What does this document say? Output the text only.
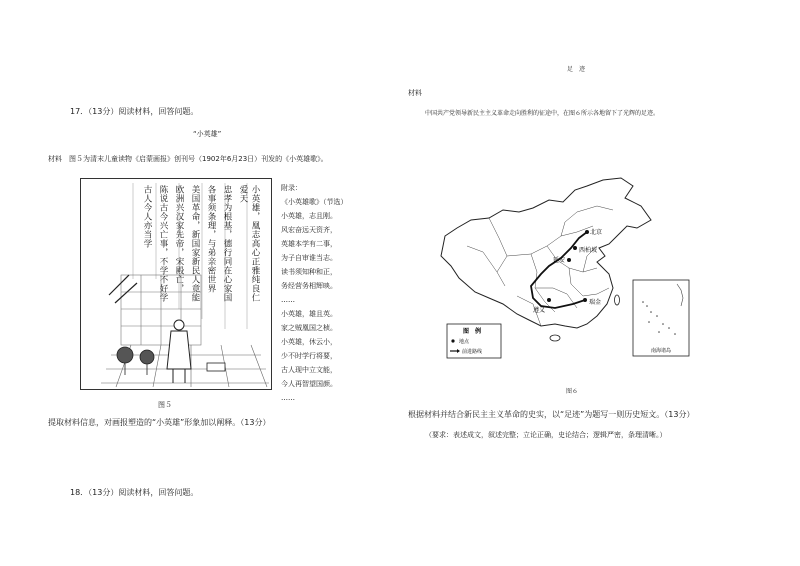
17．（13分）阅读材料，回答问题。
“小英雄”
材料　图５为清末儿童读物《启蒙画报》创刊号（1902年6月23日）刊发的《小英雄歌》。
小英雄，凰志高心正雅纯良仁爱天
忠孝为根基，德行同在心家国
各事须条理，与弟亲密世界
美国革命，新国家新民人竟能
欧洲兴汉家先帝，宋殿亡，
陈说古今兴亡事，不学不好学
古人今人亦当学	附录：
《小英雄歌》（节选）
小英雄，志且刚。
风宏奋远天资齐，
英雄本学有二事，
为子自审谁当志。
读书须知种和正，
务经营务相辉映。
……
小英雄，雄且英。
家之贼凰国之桢。
小英雄，休云小，
少不时学行将要，
古人现中立文能，
今人再智望国颜。
……
图５
提取材料信息，对画报塑造的“小英雄”形象加以阐释。（13分）
18．（13分）阅读材料，回答问题。
足　迹
材料
中国共产党领导新民主主义革命走向胜利的征途中，在图６所示各地留下了光辉的足迹。
北京
西柏坡
延安
遵义
瑞金
图　例
地点
前进路线	南海诸岛
图６
根据材料并结合新民主主义革命的史实，以“足迹”为题写一则历史短文。（13分）
（要求：表述成文，叙述完整；立论正确，史论结合；逻辑严密，条理清晰。）
